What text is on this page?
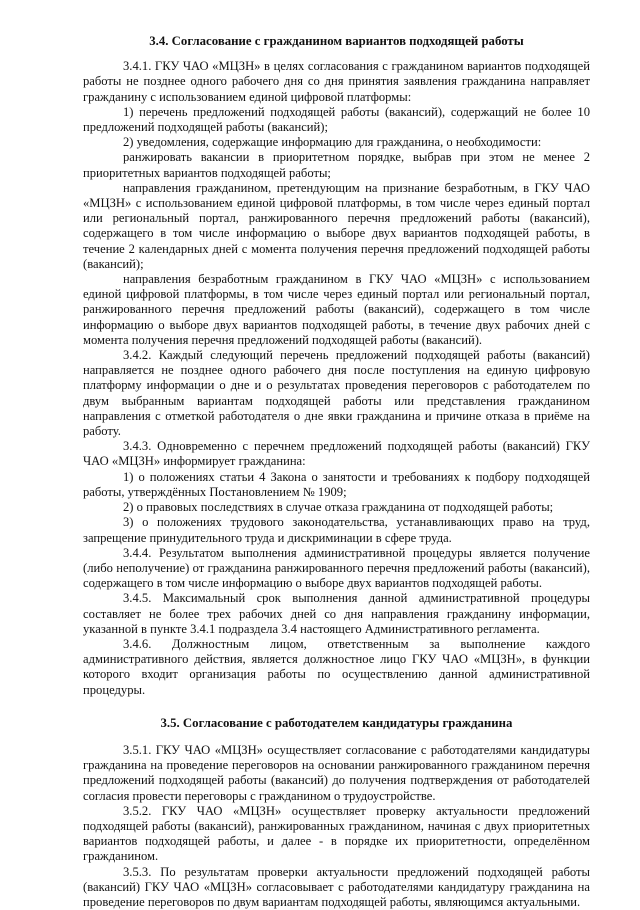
3.4. Согласование с гражданином вариантов подходящей работы

3.4.1. ГКУ ЧАО «МЦЗН» в целях согласования с гражданином вариантов подходящей работы не позднее одного рабочего дня со дня принятия заявления гражданина направляет гражданину с использованием единой цифровой платформы:

1) перечень предложений подходящей работы (вакансий), содержащий не более 10 предложений подходящей работы (вакансий);

2) уведомления, содержащие информацию для гражданина, о необходимости:

ранжировать вакансии в приоритетном порядке, выбрав при этом не менее 2 приоритетных вариантов подходящей работы;

направления гражданином, претендующим на признание безработным, в ГКУ ЧАО «МЦЗН» с использованием единой цифровой платформы, в том числе через единый портал или региональный портал, ранжированного перечня предложений работы (вакансий), содержащего в том числе информацию о выборе двух вариантов подходящей работы, в течение 2 календарных дней с момента получения перечня предложений подходящей работы (вакансий);

направления безработным гражданином в ГКУ ЧАО «МЦЗН» с использованием единой цифровой платформы, в том числе через единый портал или региональный портал, ранжированного перечня предложений работы (вакансий), содержащего в том числе информацию о выборе двух вариантов подходящей работы, в течение двух рабочих дней с момента получения перечня предложений подходящей работы (вакансий).

3.4.2. Каждый следующий перечень предложений подходящей работы (вакансий) направляется не позднее одного рабочего дня после поступления на единую цифровую платформу информации о дне и о результатах проведения переговоров с работодателем по двум выбранным вариантам подходящей работы или представления гражданином направления с отметкой работодателя о дне явки гражданина и причине отказа в приёме на работу.

3.4.3. Одновременно с перечнем предложений подходящей работы (вакансий) ГКУ ЧАО «МЦЗН» информирует гражданина:

1) о положениях статьи 4 Закона о занятости и требованиях к подбору подходящей работы, утверждённых Постановлением № 1909;

2) о правовых последствиях в случае отказа гражданина от подходящей работы;

3) о положениях трудового законодательства, устанавливающих право на труд, запрещение принудительного труда и дискриминации в сфере труда.

3.4.4. Результатом выполнения административной процедуры является получение (либо неполучение) от гражданина ранжированного перечня предложений работы (вакансий), содержащего в том числе информацию о выборе двух вариантов подходящей работы.

3.4.5. Максимальный срок выполнения данной административной процедуры составляет не более трех рабочих дней со дня направления гражданину информации, указанной в пункте 3.4.1 подраздела 3.4 настоящего Административного регламента.

3.4.6. Должностным лицом, ответственным за выполнение каждого административного действия, является должностное лицо ГКУ ЧАО «МЦЗН», в функции которого входит организация работы по осуществлению данной административной процедуры.

3.5. Согласование с работодателем кандидатуры гражданина

3.5.1. ГКУ ЧАО «МЦЗН» осуществляет согласование с работодателями кандидатуры гражданина на проведение переговоров на основании ранжированного гражданином перечня предложений подходящей работы (вакансий) до получения подтверждения от работодателей согласия провести переговоры с гражданином о трудоустройстве.

3.5.2. ГКУ ЧАО «МЦЗН» осуществляет проверку актуальности предложений подходящей работы (вакансий), ранжированных гражданином, начиная с двух приоритетных вариантов подходящей работы, и далее - в порядке их приоритетности, определённом гражданином.

3.5.3. По результатам проверки актуальности предложений подходящей работы (вакансий) ГКУ ЧАО «МЦЗН» согласовывает с работодателями кандидатуру гражданина на проведение переговоров по двум вариантам подходящей работы, являющимся актуальными.
